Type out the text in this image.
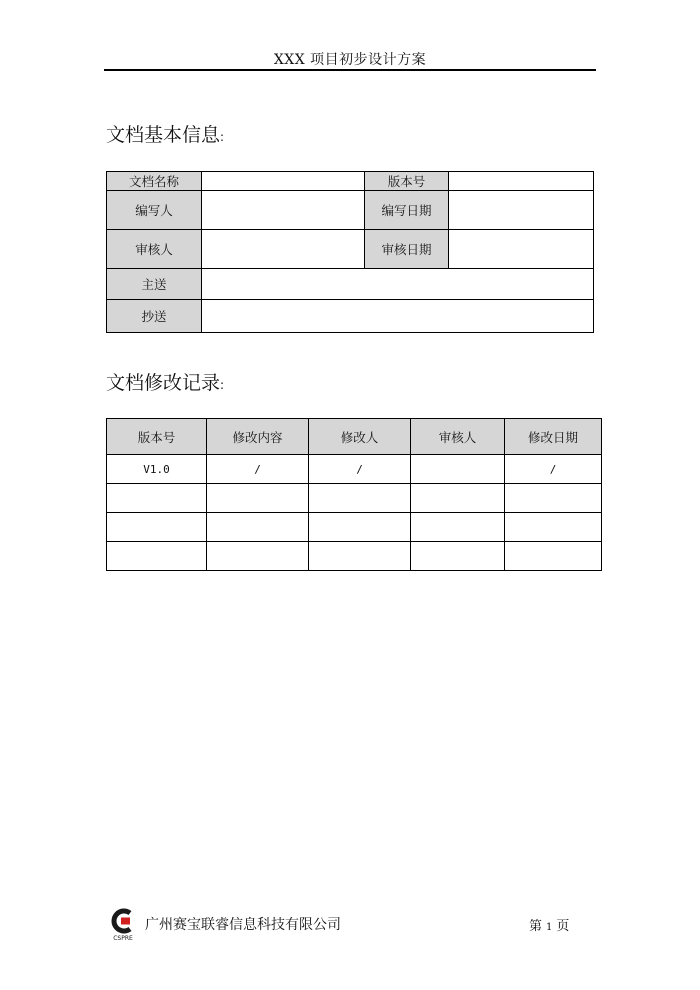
XXX 项目初步设计方案
文档基本信息:
文档名称		版本号	
编写人		编写日期	
审核人		审核日期	
主送			
抄送			
文档修改记录:
版本号	修改内容	修改人	审核人	修改日期
V1.0	/	/		/

CSPRE
广州赛宝联睿信息科技有限公司	第 1 页
